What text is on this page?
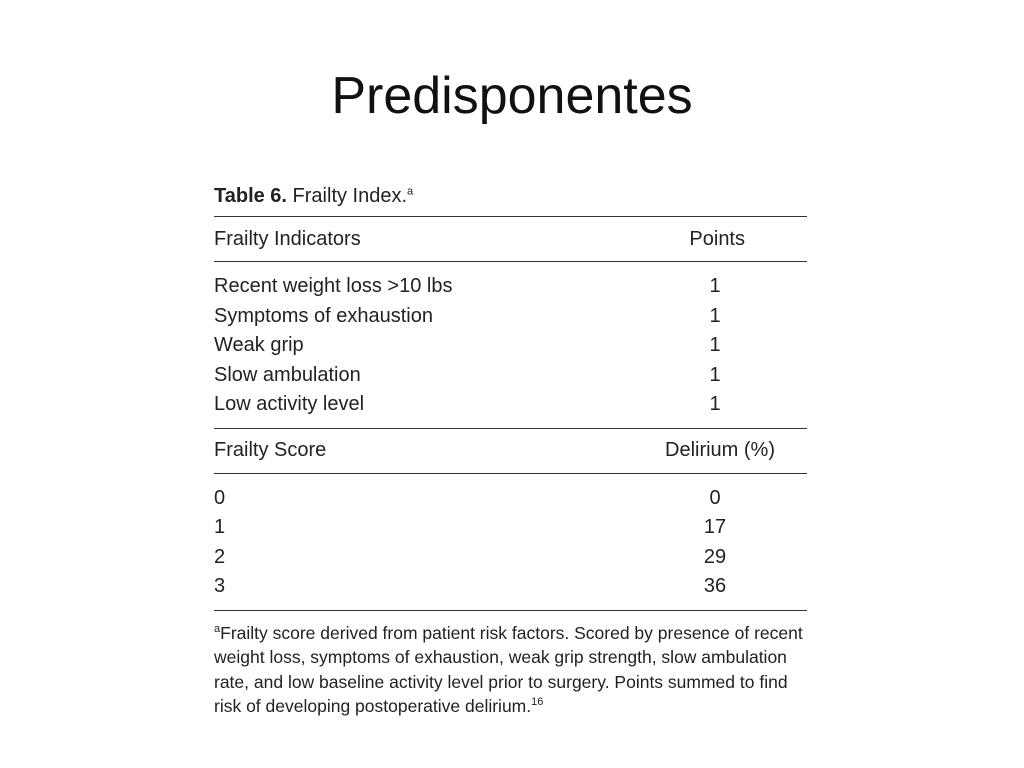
Predisponentes
Table 6. Frailty Index.$^a$
Frailty Indicators	Points
Recent weight loss >10 lbs	1
Symptoms of exhaustion	1
Weak grip	1
Slow ambulation	1
Low activity level	1
Frailty Score	Delirium (%)
0	0
1	17
2	29
3	36
$^a$Frailty score derived from patient risk factors. Scored by presence of recent weight loss, symptoms of exhaustion, weak grip strength, slow ambulation rate, and low baseline activity level prior to surgery. Points summed to find risk of developing postoperative delirium.$^{16}$
